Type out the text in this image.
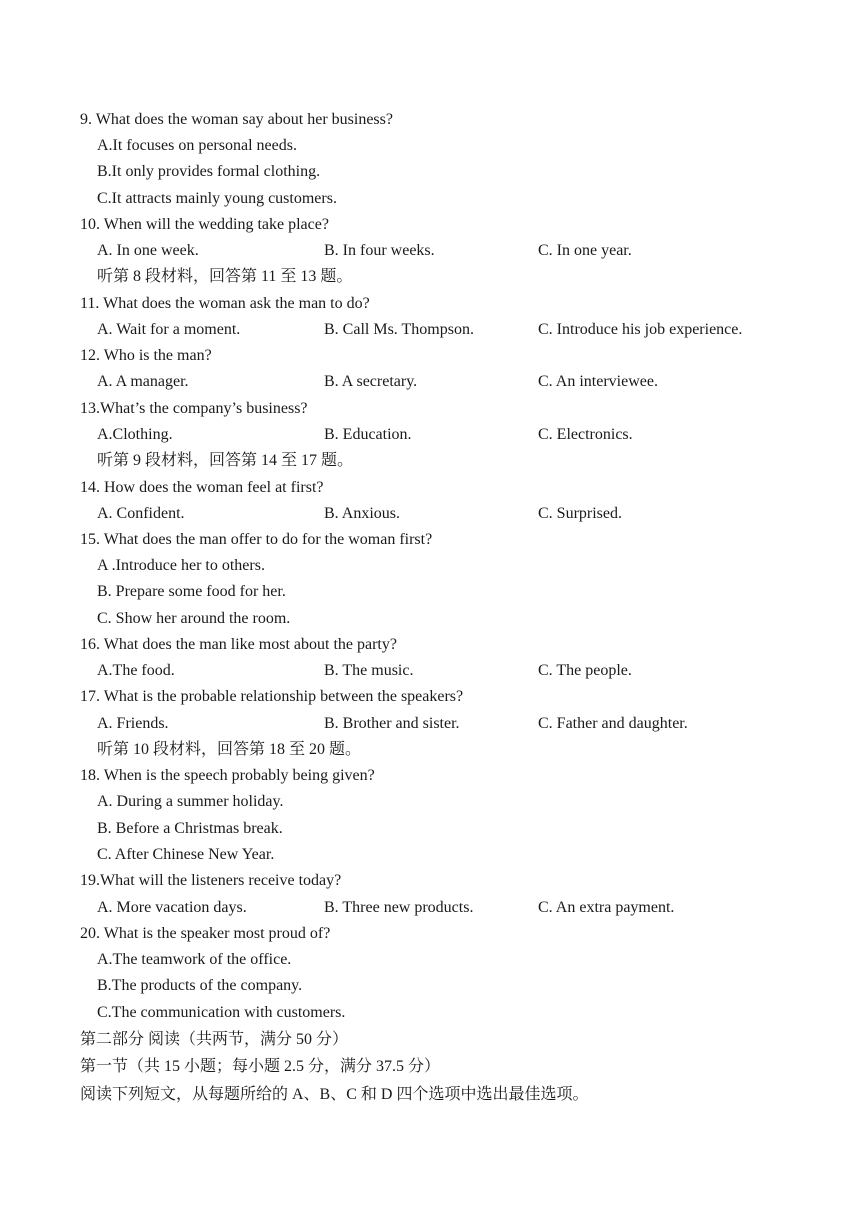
9. What does the woman say about her business?
A.It focuses on personal needs.
B.It only provides formal clothing.
C.It attracts mainly young customers.
10. When will the wedding take place?
A. In one week.	B. In four weeks.	C. In one year.
听第 8 段材料，回答第 11 至 13 题。
11. What does the woman ask the man to do?
A. Wait for a moment.	B. Call Ms. Thompson.	C. Introduce his job experience.
12. Who is the man?
A. A manager.	B. A secretary.	C. An interviewee.
13.What’s the company’s business?
A.Clothing.	B. Education.	C. Electronics.
听第 9 段材料，回答第 14 至 17 题。
14. How does the woman feel at first?
A. Confident.	B. Anxious.	C. Surprised.
15. What does the man offer to do for the woman first?
A .Introduce her to others.
B. Prepare some food for her.
C. Show her around the room.
16. What does the man like most about the party?
A.The food.	B. The music.	C. The people.
17. What is the probable relationship between the speakers?
A. Friends.	B. Brother and sister.	C. Father and daughter.
听第 10 段材料，回答第 18 至 20 题。
18. When is the speech probably being given?
A. During a summer holiday.
B. Before a Christmas break.
C. After Chinese New Year.
19.What will the listeners receive today?
A. More vacation days.	B. Three new products.	C. An extra payment.
20. What is the speaker most proud of?
A.The teamwork of the office.
B.The products of the company.
C.The communication with customers.
第二部分 阅读（共两节，满分 50 分）
第一节（共 15 小题；每小题 2.5 分，满分 37.5 分）
阅读下列短文，从每题所给的 A、B、C 和 D 四个选项中选出最佳选项。
